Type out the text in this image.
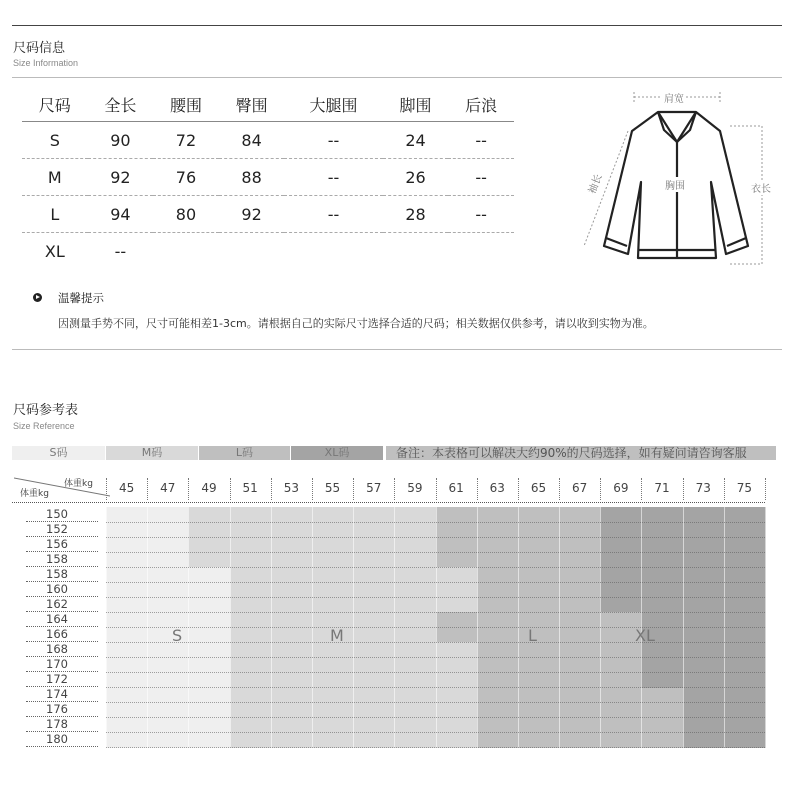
尺码信息
Size Information
尺码	全长	腰围	臀围	大腿围	脚围	后浪
S	90	72	84	--	24	--
M	92	76	88	--	26	--
L	94	80	92	--	28	--
XL	--					
肩宽
袖长	胸围	衣长
温馨提示
因测量手势不同，尺寸可能相差1-3cm。请根据自己的实际尺寸选择合适的尺码；相关数据仅供参考，请以收到实物为准。
尺码参考表
Size Reference
S码	M码	L码	XL码	备注：本表格可以解决大约90%的尺码选择，如有疑问请咨询客服
体重kg
体重kg	45	47	49	51	53	55	57	59	61	63	65	67	69	71	73	75
150
152
156
158
158
160
162
164
166
168
170
172
174
176
178
180
S	M	L	XL
